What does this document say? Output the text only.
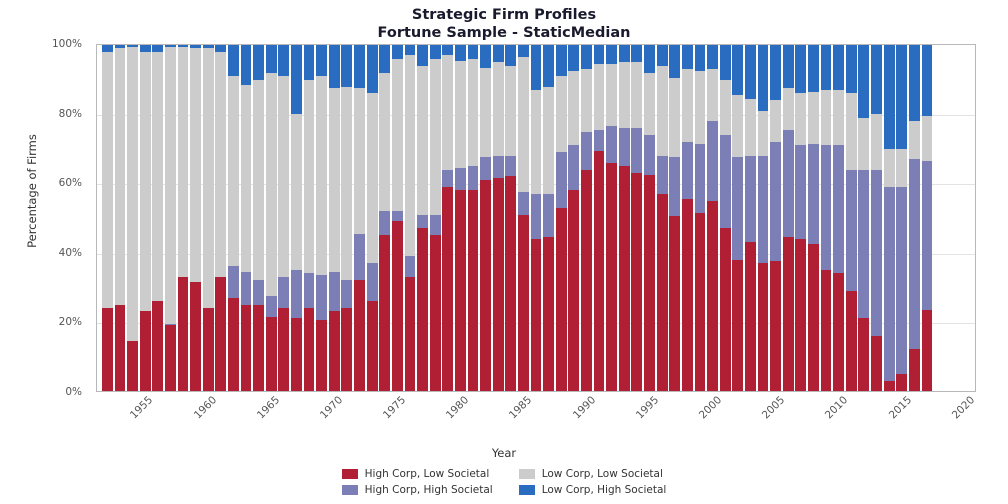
Strategic Firm Profiles
Fortune Sample - StaticMedian
Percentage of Firms
0%
20%
40%
60%
80%
100%
1955	1960	1965	1970	1975	1980	1985	1990	1995	2000	2005	2010	2015	2020
Year
High Corp, Low Societal	Low Corp, Low Societal
High Corp, High Societal	Low Corp, High Societal
